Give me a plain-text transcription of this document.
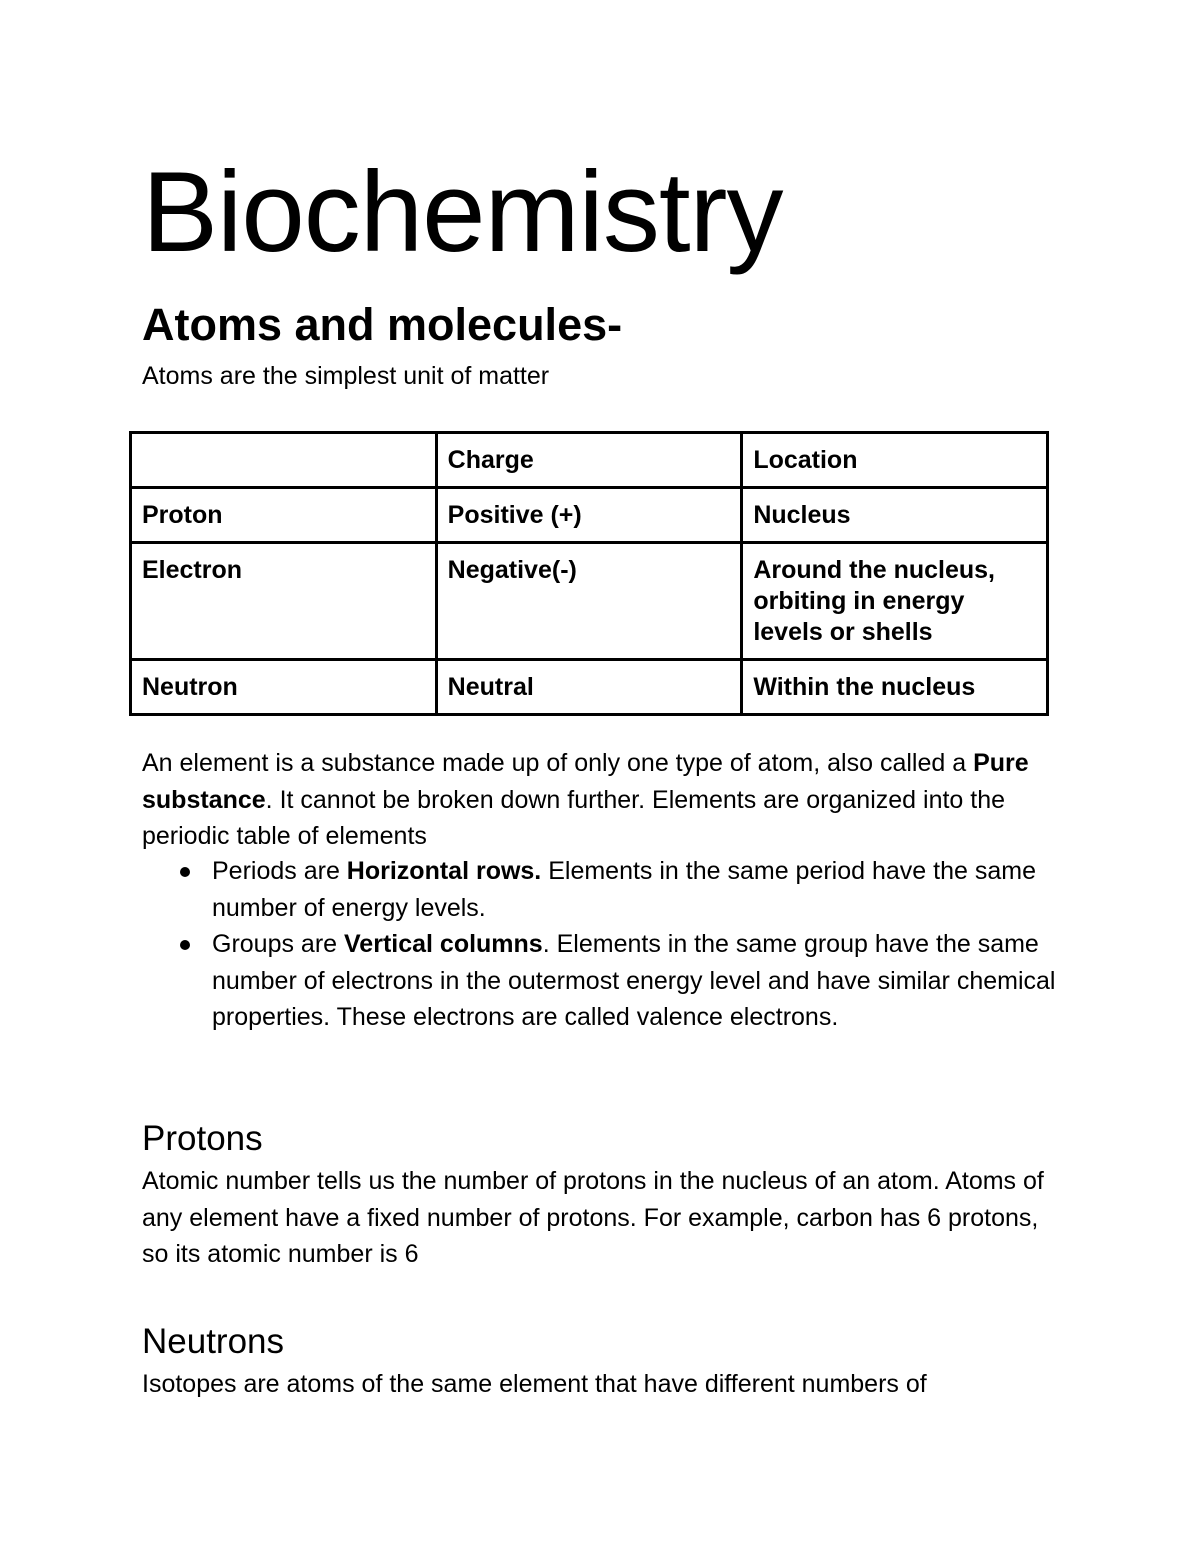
Biochemistry
Atoms and molecules-

Atoms are the simplest unit of matter

	Charge	Location
Proton	Positive (+)	Nucleus
Electron	Negative(-)	Around the nucleus, orbiting in energy levels or shells
Neutron	Neutral	Within the nucleus

An element is a substance made up of only one type of atom, also called a Pure substance. It cannot be broken down further. Elements are organized into the periodic table of elements

Periods are Horizontal rows. Elements in the same period have the same number of energy levels.
Groups are Vertical columns. Elements in the same group have the same number of electrons in the outermost energy level and have similar chemical properties. These electrons are called valence electrons.
Protons

Atomic number tells us the number of protons in the nucleus of an atom. Atoms of any element have a fixed number of protons. For example, carbon has 6 protons, so its atomic number is 6

Neutrons

Isotopes are atoms of the same element that have different numbers of
